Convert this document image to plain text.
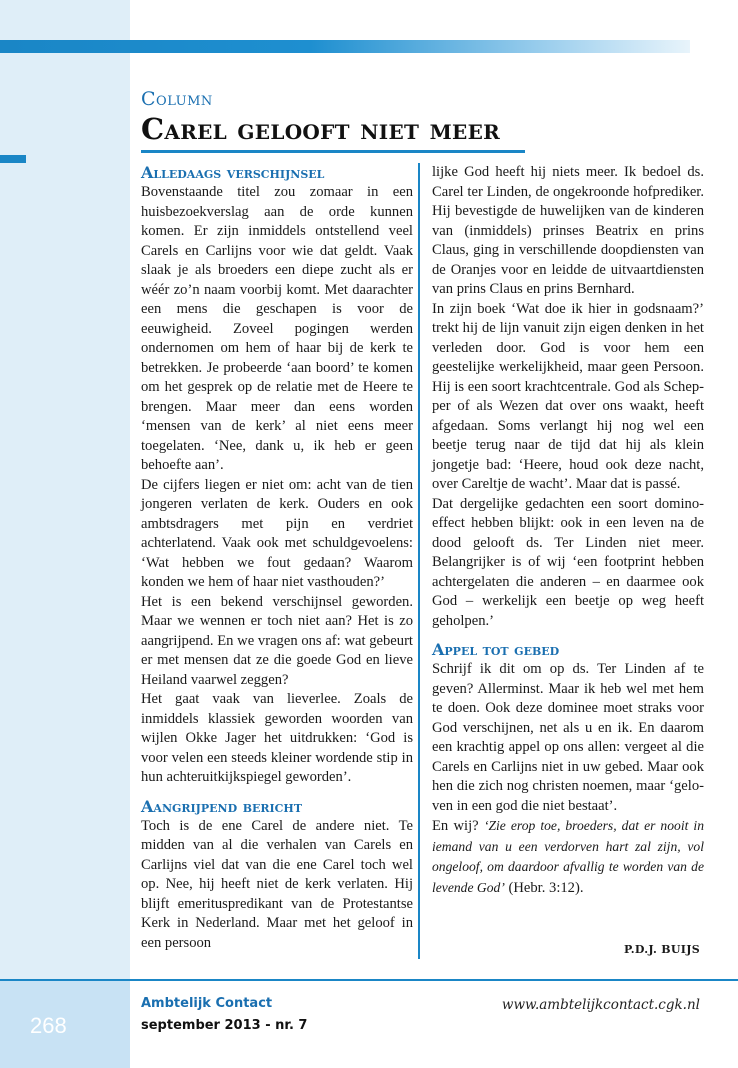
Column
Carel gelooft niet meer
Alledaags verschijnsel

Bovenstaande titel zou zomaar in een huisbezoekverslag aan de orde kunnen komen. Er zijn inmiddels ontstellend veel Carels en Carlijns voor wie dat geldt. Vaak slaak je als broeders een diepe zucht als er wéér zo’n naam voorbij komt. Met daarachter een mens die geschapen is voor de eeuwigheid. Zoveel pogingen werden ondernomen om hem of haar bij de kerk te betrekken. Je probeerde ‘aan boord’ te komen om het gesprek op de relatie met de Heere te brengen. Maar meer dan eens worden ‘mensen van de kerk’ al niet eens meer toegelaten. ‘Nee, dank u, ik heb er geen behoefte aan’.

De cijfers liegen er niet om: acht van de tien jongeren verlaten de kerk. Ouders en ook ambtsdragers met pijn en verdriet achterlatend. Vaak ook met schuldgevoelens: ‘Wat hebben we fout gedaan? Waarom konden we hem of haar niet vasthouden?’

Het is een bekend verschijnsel geworden. Maar we wennen er toch niet aan? Het is zo aangrijpend. En we vragen ons af: wat gebeurt er met mensen dat ze die goede God en lieve Heiland vaarwel zeggen?

Het gaat vaak van lieverlee. Zoals de inmiddels klassiek geworden woorden van wijlen Okke Jager het uitdrukken: ‘God is voor velen een steeds kleiner wordende stip in hun achteruitkijkspiegel geworden’.

Aangrijpend bericht

Toch is de ene Carel de andere niet. Te midden van al die verhalen van Carels en Carlijns viel dat van die ene Carel toch wel op. Nee, hij heeft niet de kerk verlaten. Hij blijft emerituspredikant van de Protestantse Kerk in Nederland. Maar met het geloof in een persoon

lijke God heeft hij niets meer. Ik bedoel ds. Carel ter Linden, de ongekroonde hofprediker. Hij bevestigde de huwelijken van de kinderen van (inmiddels) prinses Beatrix en prins Claus, ging in verschillende doopdiensten van de Oranjes voor en leidde de uitvaartdiensten van prins Claus en prins Bernhard.

In zijn boek ‘Wat doe ik hier in godsnaam?’ trekt hij de lijn vanuit zijn eigen denken in het verleden door. God is voor hem een geestelijke werkelijkheid, maar geen Persoon. Hij is een soort krachtcentrale. God als Schepper of als Wezen dat over ons waakt, heeft afgedaan. Soms verlangt hij nog wel een beetje terug naar de tijd dat hij als klein jongetje bad: ‘Heere, houd ook deze nacht, over Careltje de wacht’. Maar dat is passé.

Dat dergelijke gedachten een soort domino-effect hebben blijkt: ook in een leven na de dood gelooft ds. Ter Linden niet meer. Belangrijker is of wij ‘een footprint hebben achtergelaten die anderen – en daarmee ook God – werkelijk een beetje op weg heeft geholpen.’

Appel tot gebed

Schrijf ik dit om op ds. Ter Linden af te geven? Allerminst. Maar ik heb wel met hem te doen. Ook deze dominee moet straks voor God verschijnen, net als u en ik. En daarom een krachtig appel op ons allen: vergeet al die Carels en Carlijns niet in uw gebed. Maar ook hen die zich nog christen noemen, maar ‘geloven in een god die niet bestaat’.

En wij? ‘Zie erop toe, broeders, dat er nooit in iemand van u een verdorven hart zal zijn, vol ongeloof, om daardoor afvallig te worden van de levende God’ (Hebr. 3:12).

P.D.J. BUIJS
268
Ambtelijk Contact
september 2013 - nr. 7
www.ambtelijkcontact.cgk.nl
